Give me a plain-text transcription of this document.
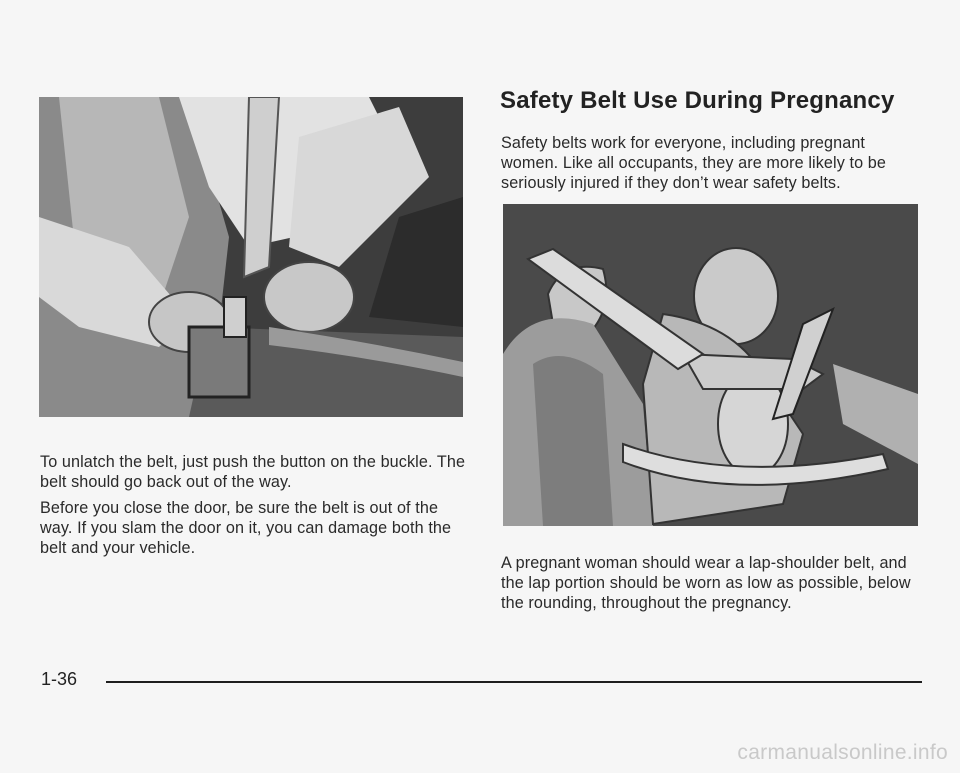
To unlatch the belt, just push the button on the buckle. The belt should go back out of the way.

Before you close the door, be sure the belt is out of the way. If you slam the door on it, you can damage both the belt and your vehicle.

Safety Belt Use During Pregnancy

Safety belts work for everyone, including pregnant women. Like all occupants, they are more likely to be seriously injured if they don’t wear safety belts.

A pregnant woman should wear a lap-shoulder belt, and the lap portion should be worn as low as possible, below the rounding, throughout the pregnancy.

1-36
carmanualsonline.info
